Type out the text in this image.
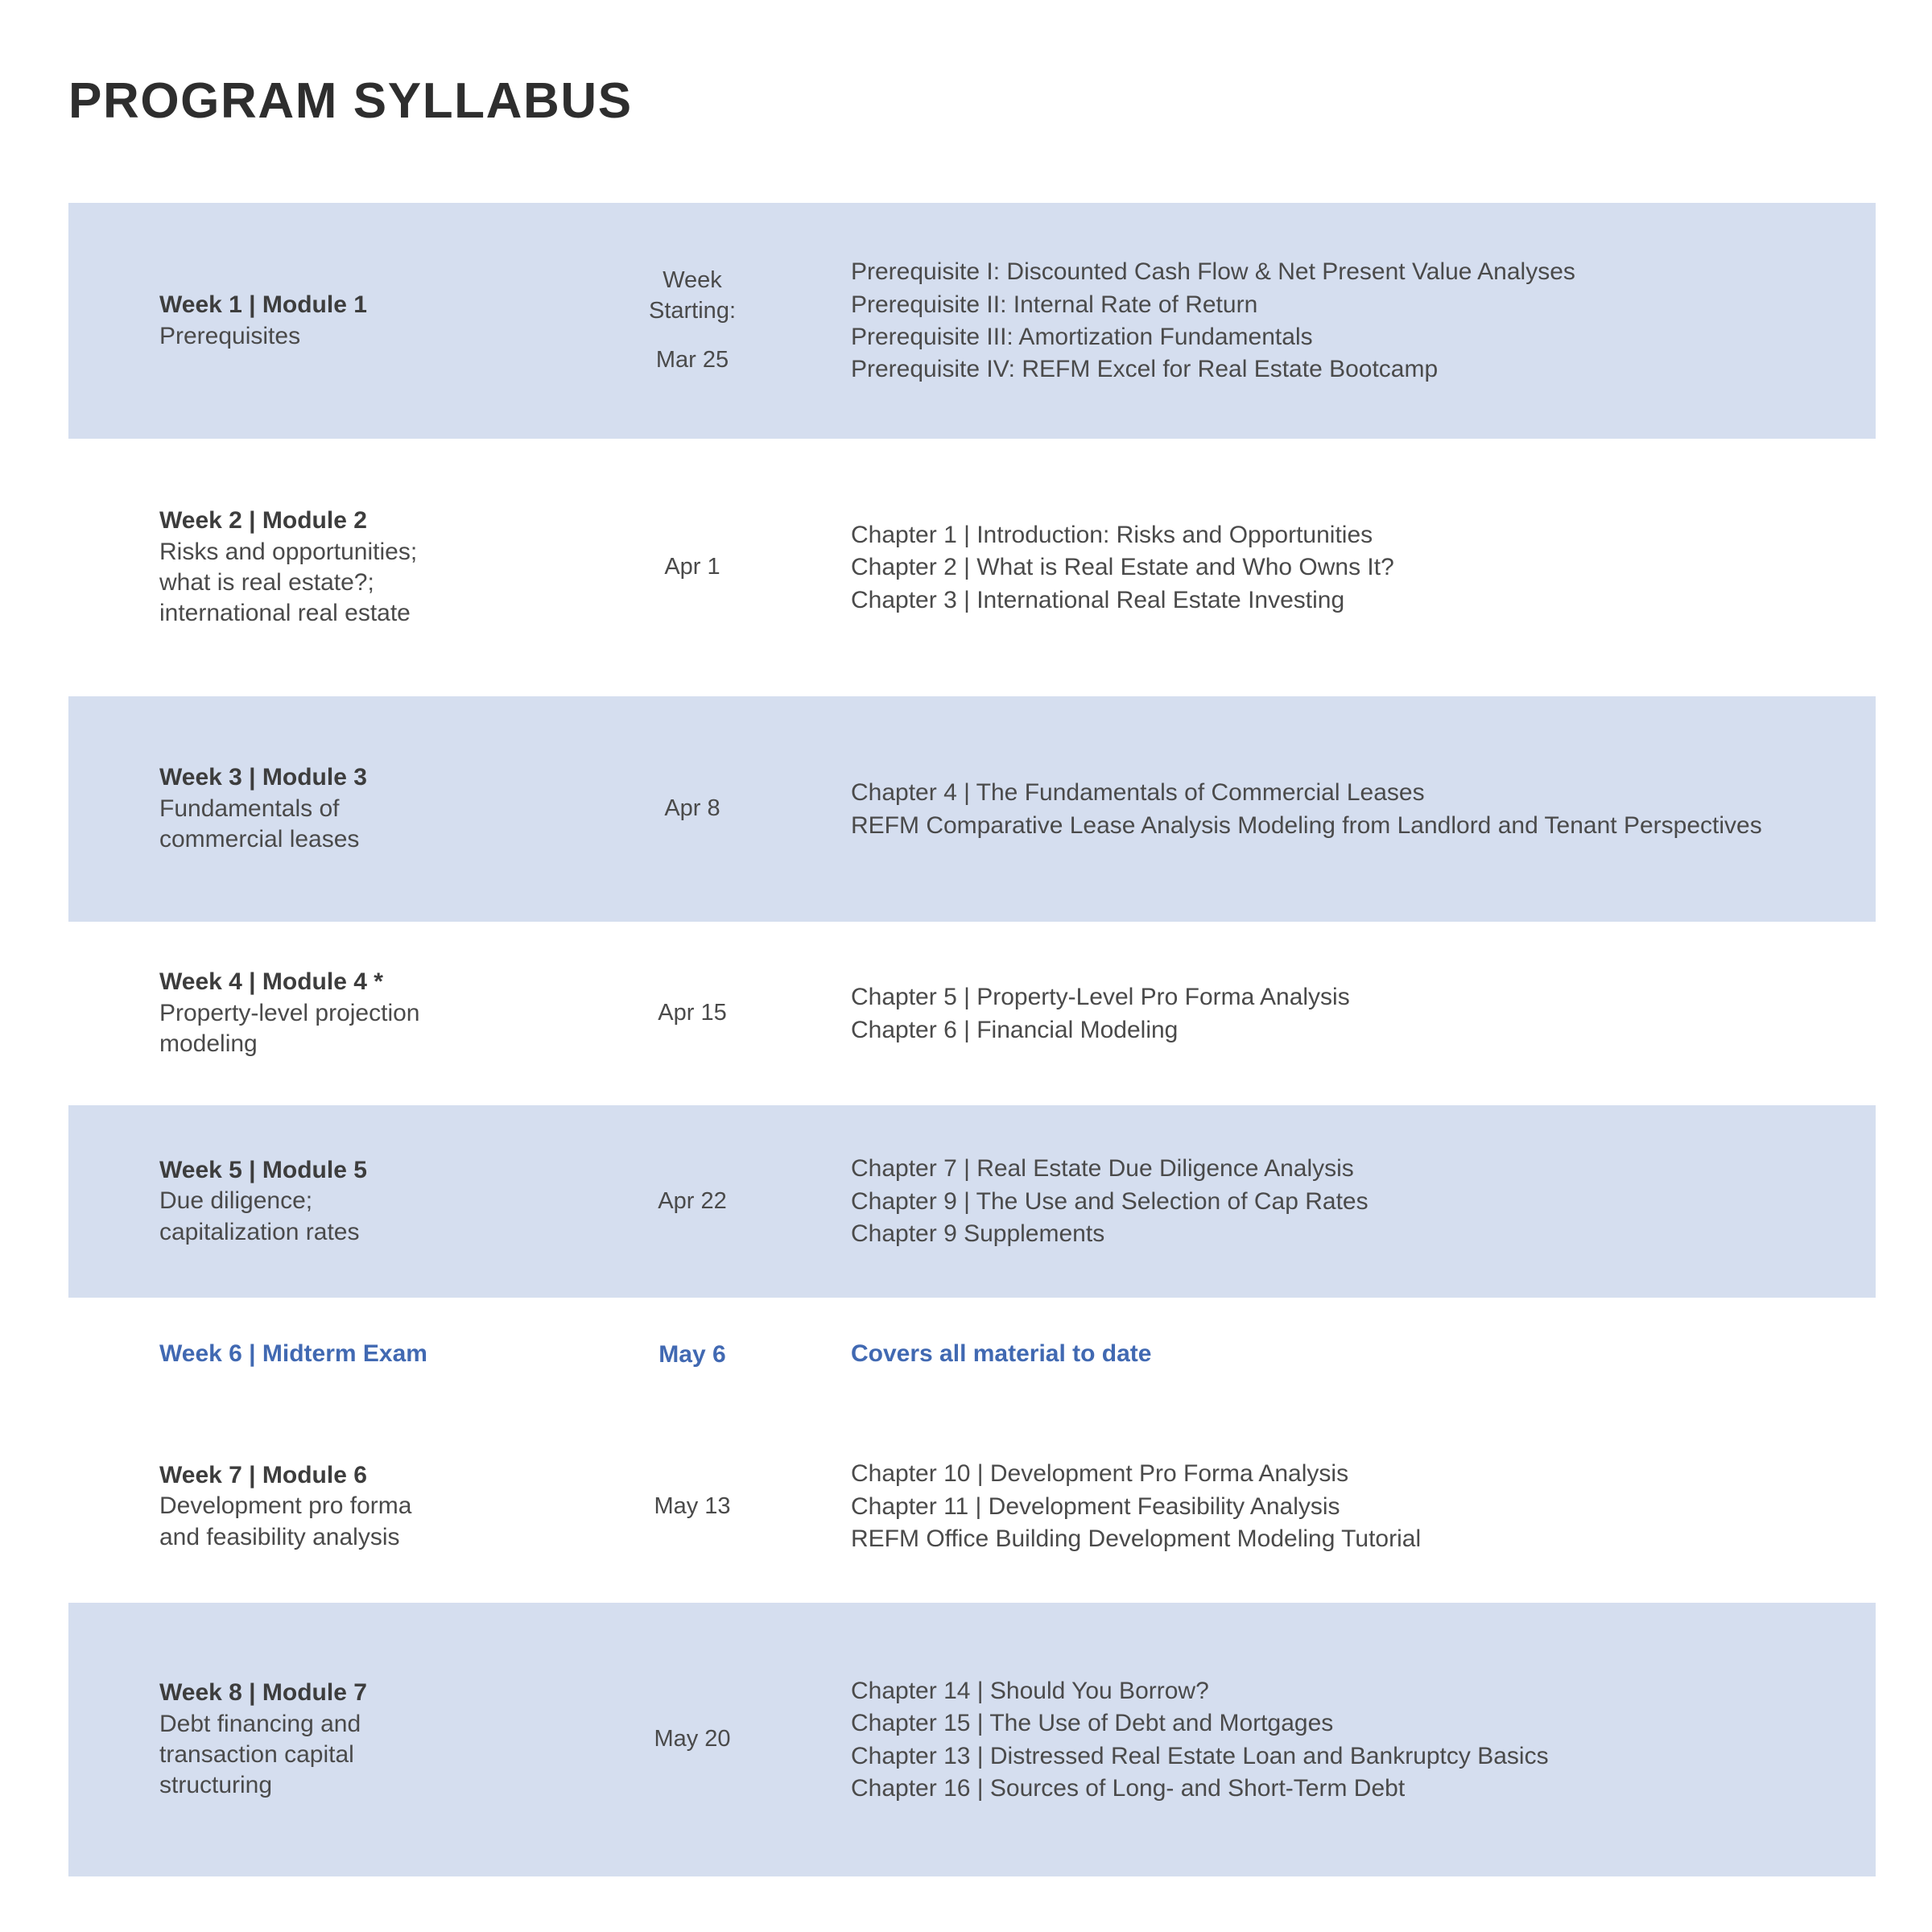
PROGRAM SYLLABUS
Week 1 | Module 1
Prerequisites
Week
Starting:
Mar 25
Prerequisite I: Discounted Cash Flow & Net Present Value Analyses
Prerequisite II: Internal Rate of Return
Prerequisite III: Amortization Fundamentals
Prerequisite IV: REFM Excel for Real Estate Bootcamp
Week 2 | Module 2
Risks and opportunities;
what is real estate?;
international real estate
Apr 1
Chapter 1 | Introduction: Risks and Opportunities
Chapter 2 | What is Real Estate and Who Owns It?
Chapter 3 | International Real Estate Investing
Week 3 | Module 3
Fundamentals of
commercial leases
Apr 8
Chapter 4 | The Fundamentals of Commercial Leases
REFM Comparative Lease Analysis Modeling from Landlord and Tenant Perspectives
Week 4 | Module 4 *
Property-level projection
modeling
Apr 15
Chapter 5 | Property-Level Pro Forma Analysis
Chapter 6 | Financial Modeling
Week 5 | Module 5
Due diligence;
capitalization rates
Apr 22
Chapter 7 | Real Estate Due Diligence Analysis
Chapter 9 | The Use and Selection of Cap Rates
Chapter 9 Supplements
Week 6 | Midterm Exam	May 6	Covers all material to date
Week 7 | Module 6
Development pro forma
and feasibility analysis
May 13
Chapter 10 | Development Pro Forma Analysis
Chapter 11 | Development Feasibility Analysis
REFM Office Building Development Modeling Tutorial
Week 8 | Module 7
Debt financing and
transaction capital
structuring
May 20
Chapter 14 | Should You Borrow?
Chapter 15 | The Use of Debt and Mortgages
Chapter 13 | Distressed Real Estate Loan and Bankruptcy Basics
Chapter 16 | Sources of Long- and Short-Term Debt
